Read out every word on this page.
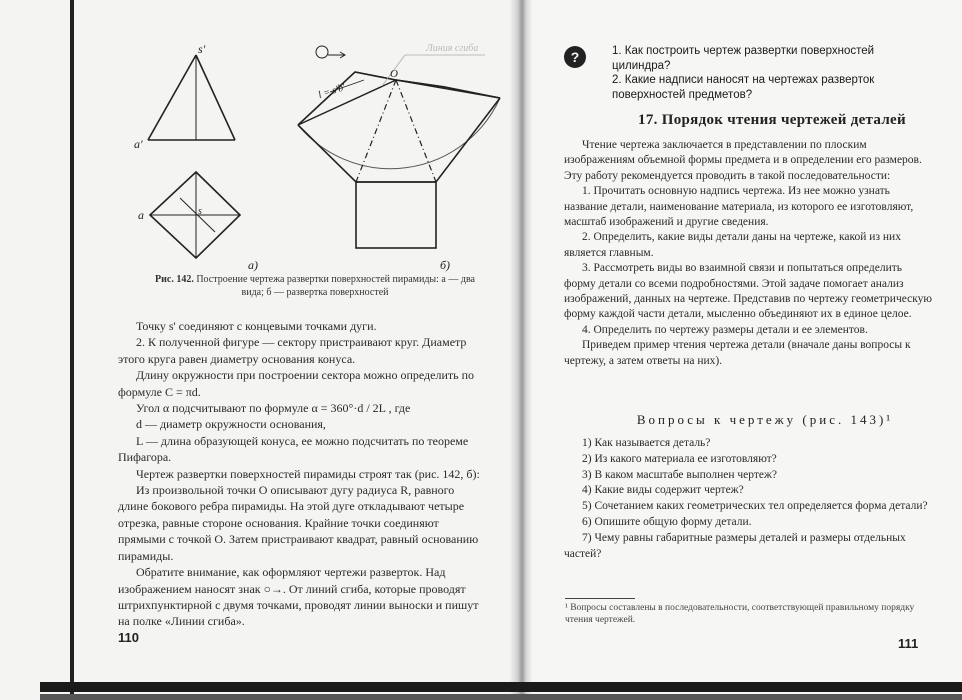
s'
a'
a	s
а)	б)
O
Линия сгиба
l = s'b'
Рис. 142. Построение чертежа развертки поверхностей пирамиды: а — два вида; б — развертка поверхностей

Точку s' соединяют с концевыми точками дуги.

2. К полученной фигуре — сектору пристраивают круг. Диаметр этого круга равен диаметру основания конуса.

Длину окружности при построении сектора можно определить по формуле С = πd.

Угол α подсчитывают по формуле α = 360°·d / 2L , где

d — диаметр окружности основания,

L — длина образующей конуса, ее можно подсчитать по теореме Пифагора.

Чертеж развертки поверхностей пирамиды строят так (рис. 142, б):

Из произвольной точки О описывают дугу радиуса R, равного длине бокового ребра пирамиды. На этой дуге откладывают четыре отрезка, равные стороне основания. Крайние точки соединяют прямыми с точкой О. Затем пристраивают квадрат, равный основанию пирамиды.

Обратите внимание, как оформляют чертежи разверток. Над изображением наносят знак ○→. От линий сгиба, которые проводят штрихпунктирной с двумя точками, проводят линии выноски и пишут на полке «Линии сгиба».

110
?	1. Как построить чертеж развертки поверхностей цилиндра?

2. Какие надписи наносят на чертежах разверток поверхностей предметов?

17. Порядок чтения чертежей деталей

Чтение чертежа заключается в представлении по плоским изображениям объемной формы предмета и в определении его размеров. Эту работу рекомендуется проводить в такой последовательности:

1. Прочитать основную надпись чертежа. Из нее можно узнать название детали, наименование материала, из которого ее изготовляют, масштаб изображений и другие сведения.

2. Определить, какие виды детали даны на чертеже, какой из них является главным.

3. Рассмотреть виды во взаимной связи и попытаться определить форму детали со всеми подробностями. Этой задаче помогает анализ изображений, данных на чертеже. Представив по чертежу геометрическую форму каждой части детали, мысленно объединяют их в единое целое.

4. Определить по чертежу размеры детали и ее элементов.

Приведем пример чтения чертежа детали (вначале даны вопросы к чертежу, а затем ответы на них).

Вопросы к чертежу (рис. 143)¹

1) Как называется деталь?

2) Из какого материала ее изготовляют?

3) В каком масштабе выполнен чертеж?

4) Какие виды содержит чертеж?

5) Сочетанием каких геометрических тел определяется форма детали?

6) Опишите общую форму детали.

7) Чему равны габаритные размеры деталей и размеры отдельных частей?

¹ Вопросы составлены в последовательности, соответствующей правильному порядку чтения чертежей.
111
